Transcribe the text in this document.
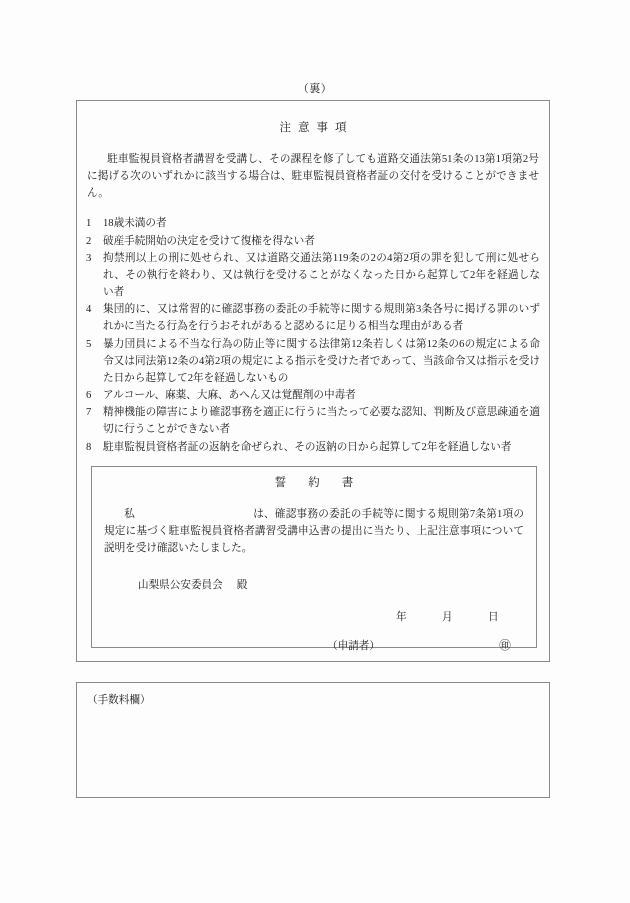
（裏）
注意事項
駐車監視員資格者講習を受講し、その課程を修了しても道路交通法第51条の13第1項第2号に掲げる次のいずれかに該当する場合は、駐車監視員資格者証の交付を受けることができません。
1	18歳未満の者
2	破産手続開始の決定を受けて復権を得ない者
3	拘禁刑以上の刑に処せられ、又は道路交通法第119条の2の4第2項の罪を犯して刑に処せられ、その執行を終わり、又は執行を受けることがなくなった日から起算して2年を経過しない者
4	集団的に、又は常習的に確認事務の委託の手続等に関する規則第3条各号に掲げる罪のいずれかに当たる行為を行うおそれがあると認めるに足りる相当な理由がある者
5	暴力団員による不当な行為の防止等に関する法律第12条若しくは第12条の6の規定による命令又は同法第12条の4第2項の規定による指示を受けた者であって、当該命令又は指示を受けた日から起算して2年を経過しないもの
6	アルコール、麻薬、大麻、あへん又は覚醒剤の中毒者
7	精神機能の障害により確認事務を適正に行うに当たって必要な認知、判断及び意思疎通を適切に行うことができない者
8	駐車監視員資格者証の返納を命ぜられ、その返納の日から起算して2年を経過しない者
誓約書
私	は、確認事務の委託の手続等に関する規則第7条第1項の規定に基づく駐車監視員資格者講習受講申込書の提出に当たり、上記注意事項について説明を受け確認いたしました。
山梨県公安委員会 殿
年	月	日
（申請者）	㊞
（手数料欄）
